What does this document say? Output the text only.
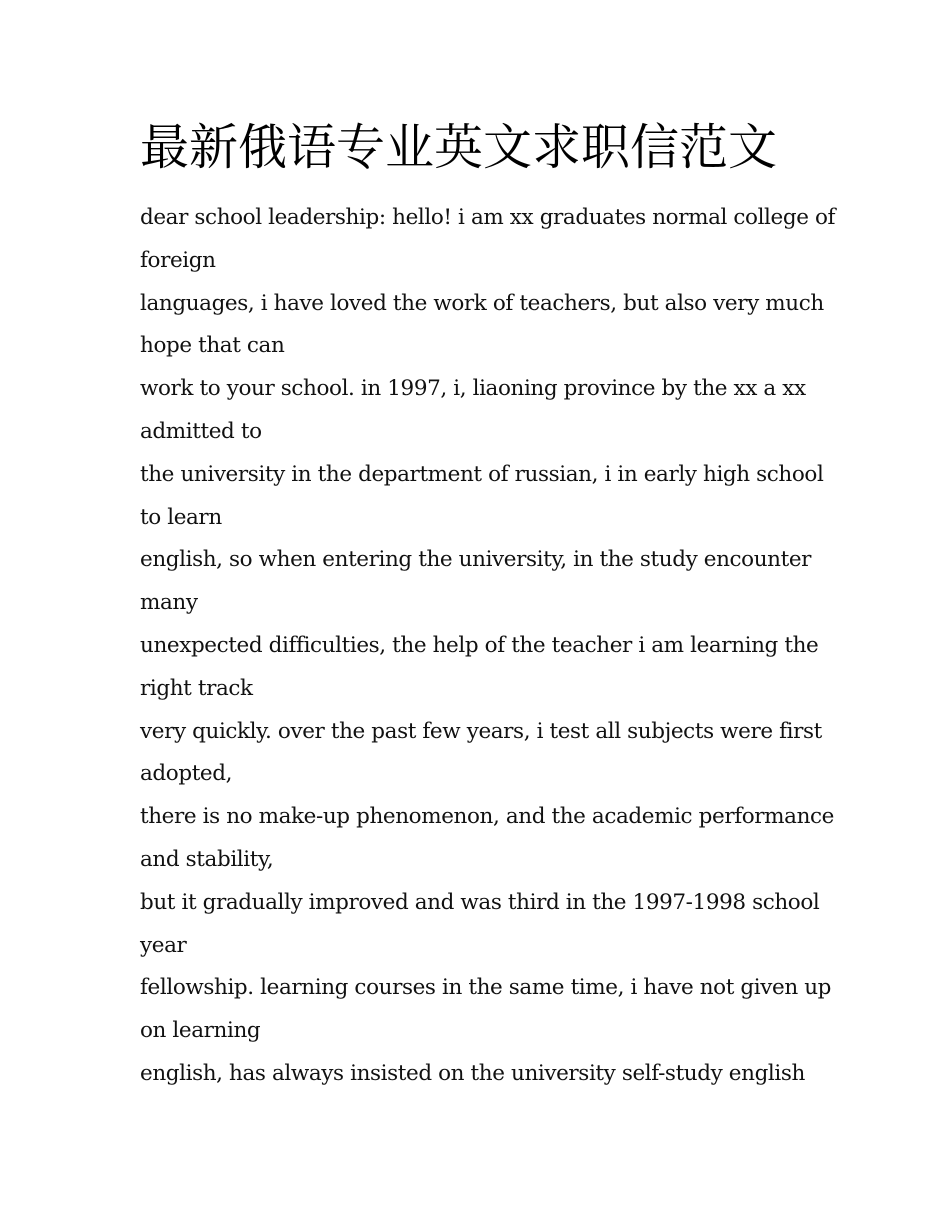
最新俄语专业英文求职信范文
dear school leadership: hello! i am xx graduates normal college of
foreign
languages, i have loved the work of teachers, but also very much
hope that can
work to your school. in 1997, i, liaoning province by the xx a xx
admitted to
the university in the department of russian, i in early high school
to learn
english, so when entering the university, in the study encounter
many
unexpected difficulties, the help of the teacher i am learning the
right track
very quickly. over the past few years, i test all subjects were first
adopted,
there is no make-up phenomenon, and the academic performance
and stability,
but it gradually improved and was third in the 1997-1998 school
year
fellowship. learning courses in the same time, i have not given up
on learning
english, has always insisted on the university self-study english
